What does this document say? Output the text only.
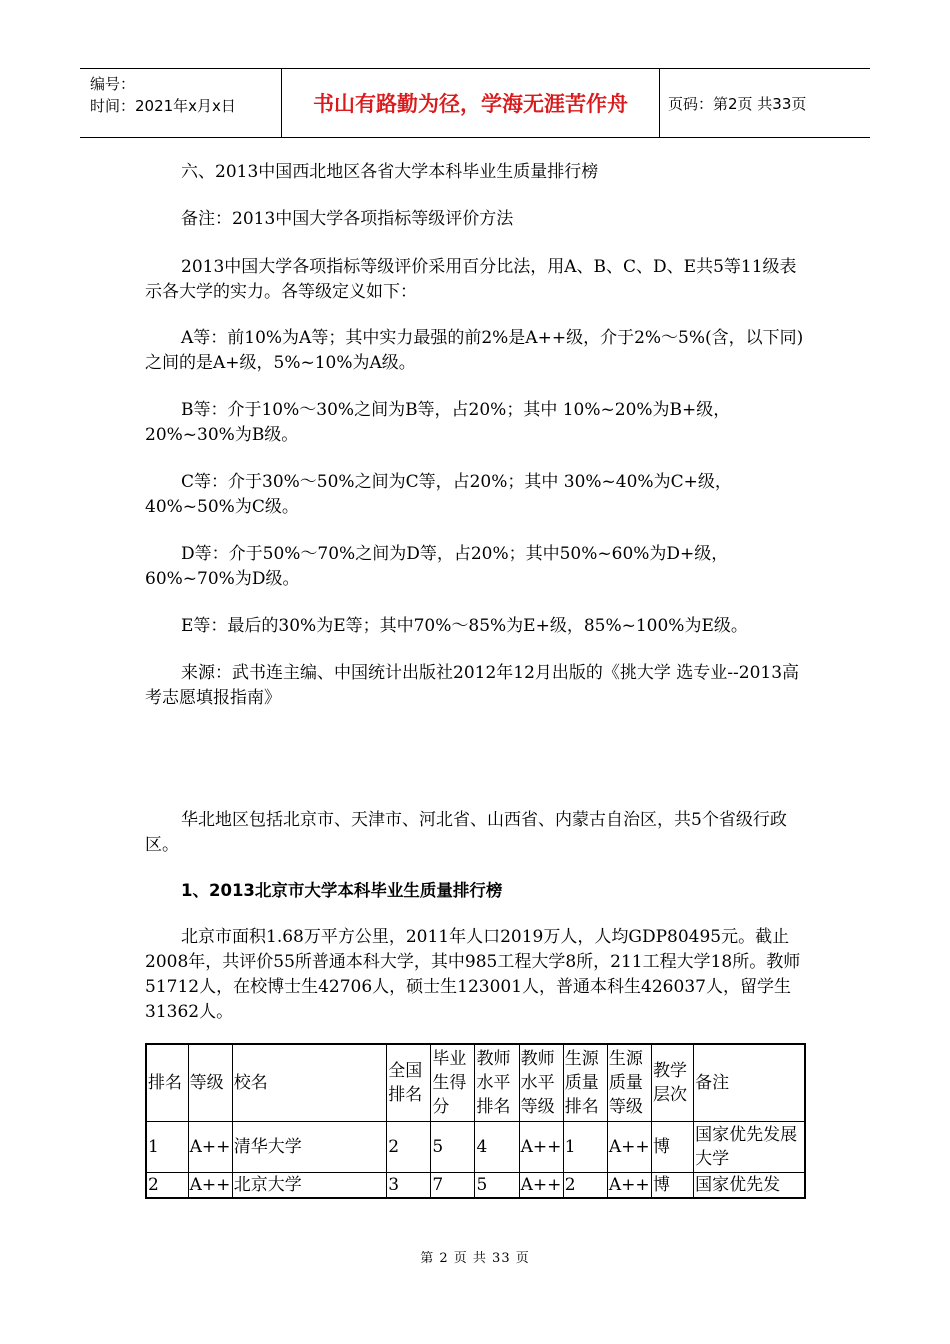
编号：
时间：2021年x月x日	书山有路勤为径，学海无涯苦作舟	页码：第2页 共33页
六、2013中国西北地区各省大学本科毕业生质量排行榜
备注：2013中国大学各项指标等级评价方法
2013中国大学各项指标等级评价采用百分比法，用A、B、C、D、E共5等11级表示各大学的实力。各等级定义如下：
A等：前10%为A等；其中实力最强的前2%是A++级，介于2%～5%(含，以下同)之间的是A+级，5%~10%为A级。
B等：介于10%～30%之间为B等，占20%；其中 10%~20%为B+级，20%~30%为B级。
C等：介于30%～50%之间为C等，占20%；其中 30%~40%为C+级，40%~50%为C级。
D等：介于50%～70%之间为D等，占20%；其中50%~60%为D+级，60%~70%为D级。
E等：最后的30%为E等；其中70%～85%为E+级，85%~100%为E级。
来源：武书连主编、中国统计出版社2012年12月出版的《挑大学 选专业--2013高考志愿填报指南》
华北地区包括北京市、天津市、河北省、山西省、内蒙古自治区，共5个省级行政区。
1、2013北京市大学本科毕业生质量排行榜
北京市面积1.68万平方公里，2011年人口2019万人，人均GDP80495元。截止2008年，共评价55所普通本科大学，其中985工程大学8所，211工程大学18所。教师51712人，在校博士生42706人，硕士生123001人，普通本科生426037人，留学生31362人。
排名	等级	校名	全国排名	毕业生得分	教师水平排名	教师水平等级	生源质量排名	生源质量等级	教学层次	备注
1	A++	清华大学	2	5	4	A++	1	A++	博	国家优先发展大学
2	A++	北京大学	3	7	5	A++	2	A++	博	国家优先发
第 2 页 共 33 页
